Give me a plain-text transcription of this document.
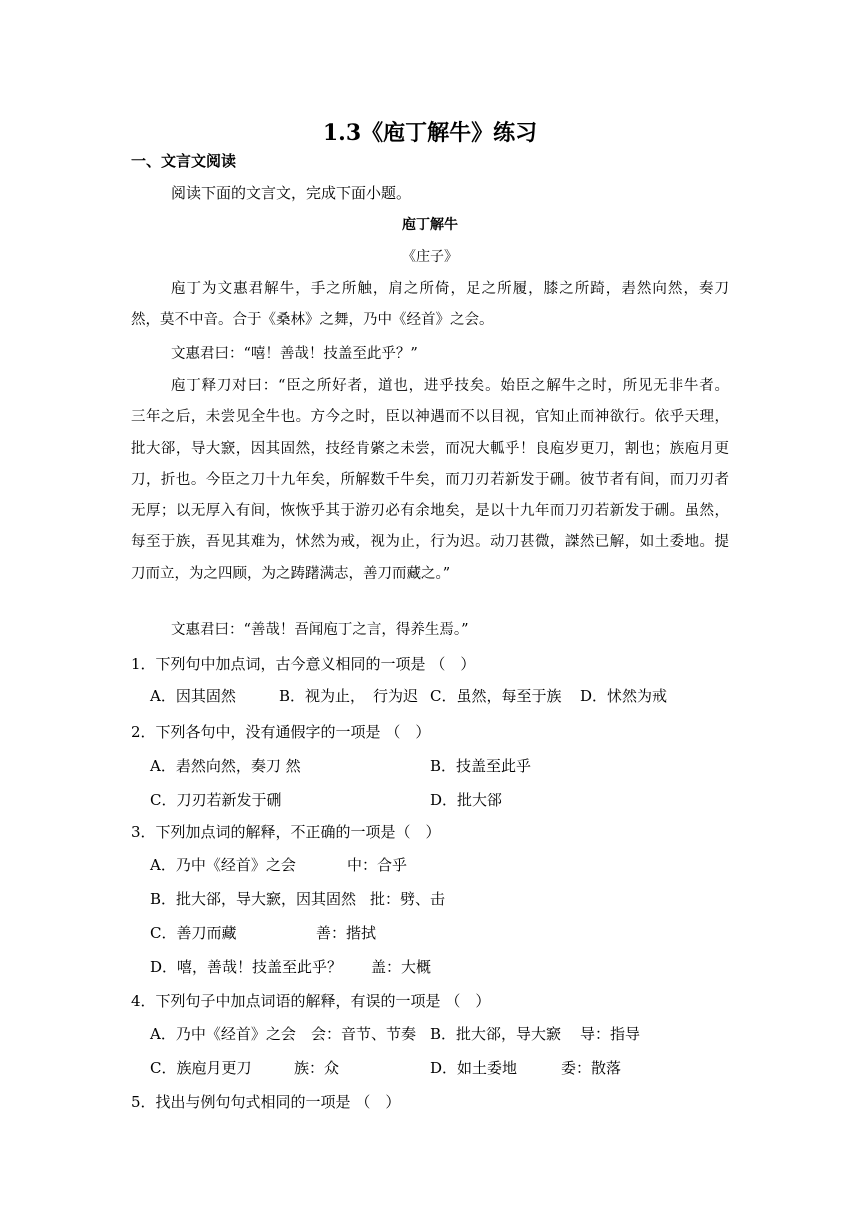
1.3《庖丁解牛》练习
一、文言文阅读
阅读下面的文言文，完成下面小题。
庖丁解牛
《庄子》
庖丁为文惠君解牛，手之所触，肩之所倚，足之所履，膝之所踦，砉然向然，奏刀
然，莫不中音。合于《桑林》之舞，乃中《经首》之会。
文惠君曰：“嘻！善哉！技盖至此乎？”
庖丁释刀对曰：“臣之所好者，道也，进乎技矣。始臣之解牛之时，所见无非牛者。
三年之后，未尝见全牛也。方今之时，臣以神遇而不以目视，官知止而神欲行。依乎天理，
批大郤，导大窾，因其固然，技经肯綮之未尝，而况大軱乎！良庖岁更刀，割也；族庖月更
刀，折也。今臣之刀十九年矣，所解数千牛矣，而刀刃若新发于硎。彼节者有间，而刀刃者
无厚；以无厚入有间，恢恢乎其于游刃必有余地矣，是以十九年而刀刃若新发于硎。虽然，
每至于族，吾见其难为，怵然为戒，视为止，行为迟。动刀甚微，謋然已解，如土委地。提
刀而立，为之四顾，为之踌躇满志，善刀而藏之。”
文惠君曰：“善哉！吾闻庖丁之言，得养生焉。”
1．下列句中加点词，古今意义相同的一项是 （　）
A．因其固然	B．视为止， 行为迟 C．虽然，每至于族 D．怵然为戒
2．下列各句中，没有通假字的一项是 （　）
A．砉然向然，奏刀 然	B．技盖至此乎
C．刀刃若新发于硎	D．批大郤
3．下列加点词的解释，不正确的一项是（　）
A．乃中《经首》之会	中：合乎
B．批大郤，导大窾，因其固然 批：劈、击
C．善刀而藏	善：揩拭
D．嘻，善哉！技盖至此乎？ 盖：大概
4．下列句子中加点词语的解释，有误的一项是 （　）
A．乃中《经首》之会 会：音节、节奏 B．批大郤，导大窾 导：指导
C．族庖月更刀	族：众	D．如土委地	委：散落
5．找出与例句句式相同的一项是 （　）
